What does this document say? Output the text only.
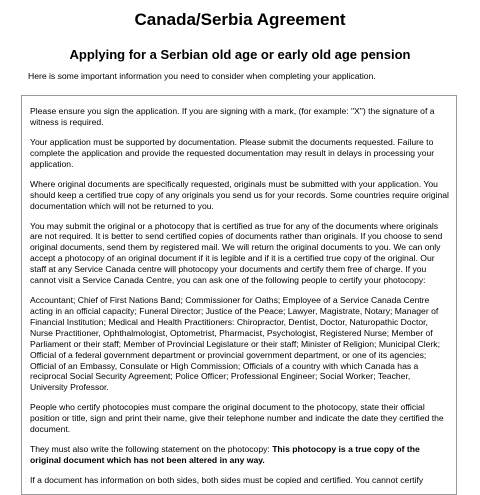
Canada/Serbia Agreement
Applying for a Serbian old age or early old age pension

Here is some important information you need to consider when completing your application.

Please ensure you sign the application. If you are signing with a mark, (for example: "X") the signature of a witness is required.

Your application must be supported by documentation. Please submit the documents requested. Failure to complete the application and provide the requested documentation may result in delays in processing your application.

Where original documents are specifically requested, originals must be submitted with your application. You should keep a certified true copy of any originals you send us for your records. Some countries require original documentation which will not be returned to you.

You may submit the original or a photocopy that is certified as true for any of the documents where originals are not required. It is better to send certified copies of documents rather than originals. If you choose to send original documents, send them by registered mail. We will return the original documents to you. We can only accept a photocopy of an original document if it is legible and if it is a certified true copy of the original. Our staff at any Service Canada centre will photocopy your documents and certify them free of charge. If you cannot visit a Service Canada Centre, you can ask one of the following people to certify your photocopy:

Accountant; Chief of First Nations Band; Commissioner for Oaths; Employee of a Service Canada Centre acting in an official capacity; Funeral Director; Justice of the Peace; Lawyer, Magistrate, Notary; Manager of Financial Institution; Medical and Health Practitioners: Chiropractor, Dentist, Doctor, Naturopathic Doctor, Nurse Practitioner, Ophthalmologist, Optometrist, Pharmacist, Psychologist, Registered Nurse; Member of Parliament or their staff; Member of Provincial Legislature or their staff; Minister of Religion; Municipal Clerk; Official of a federal government department or provincial government department, or one of its agencies; Official of an Embassy, Consulate or High Commission; Officials of a country with which Canada has a reciprocal Social Security Agreement; Police Officer; Professional Engineer; Social Worker; Teacher, University Professor.

People who certify photocopies must compare the original document to the photocopy, state their official position or title, sign and print their name, give their telephone number and indicate the date they certified the document.

They must also write the following statement on the photocopy: This photocopy is a true copy of the original document which has not been altered in any way.

If a document has information on both sides, both sides must be copied and certified. You cannot certify
